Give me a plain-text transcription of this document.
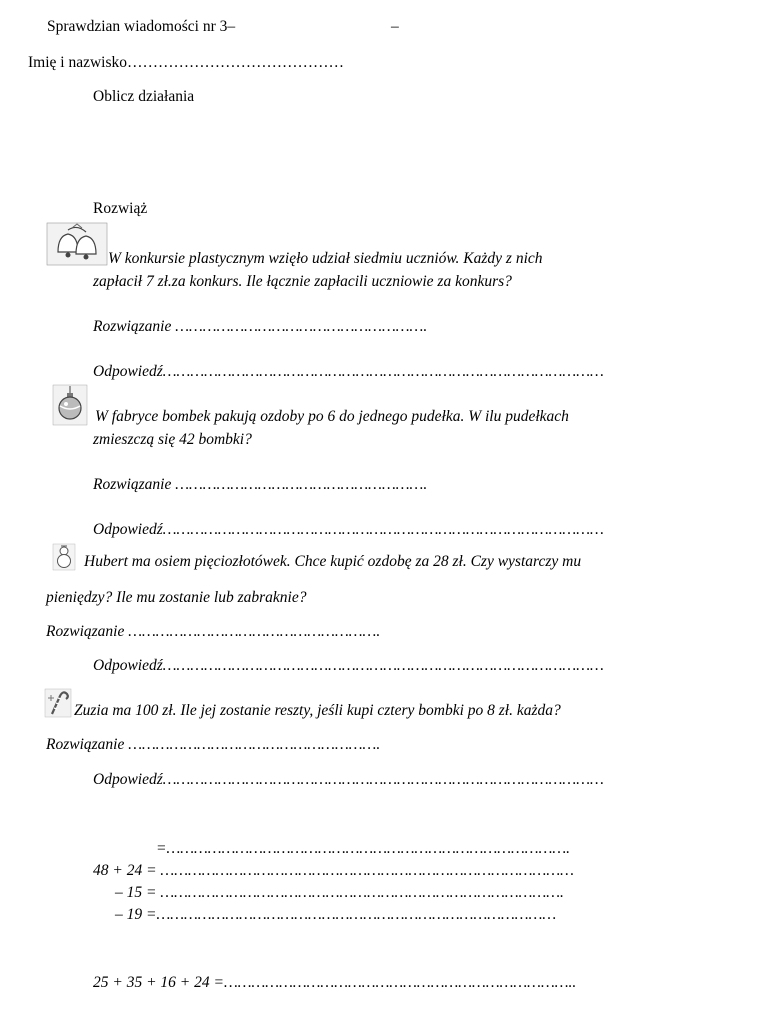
Sprawdzian wiadomości nr 3–	–
Imię i nazwisko……………………………………
Oblicz działania
Rozwiąż
W konkursie plastycznym wzięło udział siedmiu uczniów. Każdy z nich
zapłacił 7 zł.za konkurs. Ile łącznie zapłacili uczniowie za konkurs?
Rozwiązanie ……………………………………………….
Odpowiedź……………………………………………………………………………………
W fabryce bombek pakują ozdoby po 6 do jednego pudełka. W ilu pudełkach
zmieszczą się 42 bombki?
Rozwiązanie ……………………………………………….
Odpowiedź……………………………………………………………………………………
Hubert ma osiem pięciozłotówek. Chce kupić ozdobę za 28 zł. Czy wystarczy mu
pieniędzy? Ile mu zostanie lub zabraknie?
Rozwiązanie ……………………………………………….
Odpowiedź……………………………………………………………………………………
Zuzia ma 100 zł. Ile jej zostanie reszty, jeśli kupi cztery bombki po 8 zł. każda?
Rozwiązanie ……………………………………………….
Odpowiedź……………………………………………………………………………………
=…………………………………………………………………………….
48 + 24 = ………………………………………………………………………………
– 15 = …………………………………………………………………………….
– 19 =……………………………………………………………………………
25 + 35 + 16 + 24 =…………………………………………………………………..
